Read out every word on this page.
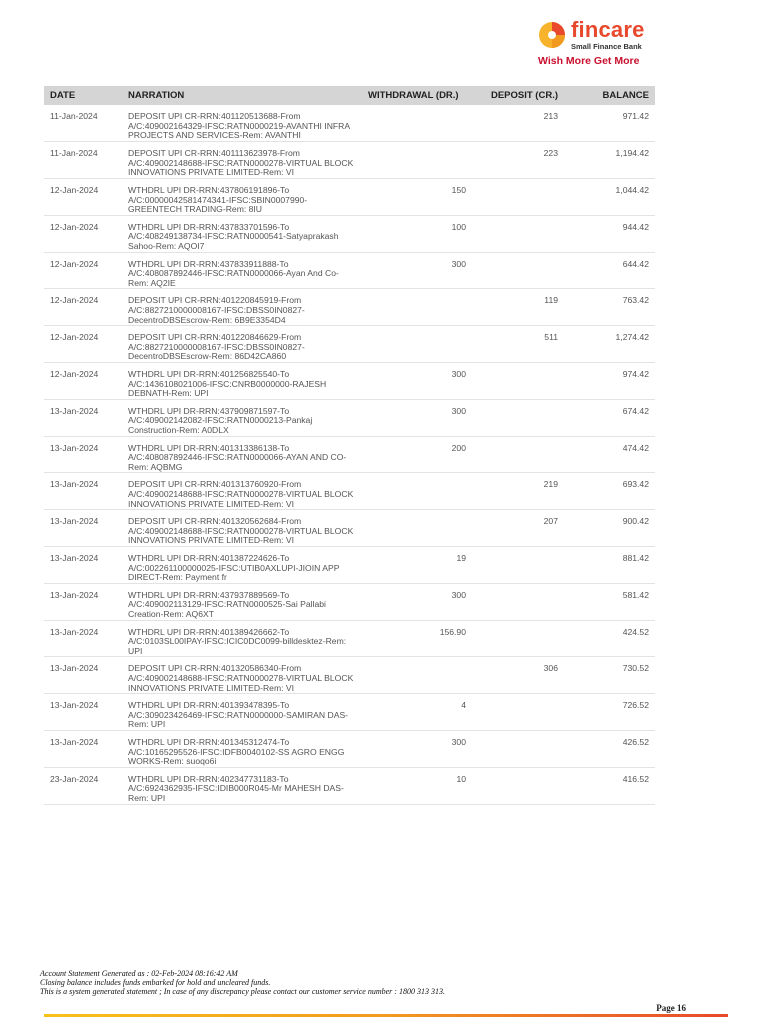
fincare
Small Finance Bank
Wish More Get More
DATE	NARRATION	WITHDRAWAL (DR.)	DEPOSIT (CR.)	BALANCE
11-Jan-2024	DEPOSIT UPI CR-RRN:401120513688-From A/C:409002164329-IFSC:RATN0000219-AVANTHI INFRA PROJECTS AND SERVICES-Rem: AVANTHI		213	971.42
11-Jan-2024	DEPOSIT UPI CR-RRN:401113623978-From A/C:409002148688-IFSC:RATN0000278-VIRTUAL BLOCK INNOVATIONS PRIVATE LIMITED-Rem: VI		223	1,194.42
12-Jan-2024	WTHDRL UPI DR-RRN:437806191896-To A/C:00000042581474341-IFSC:SBIN0007990-GREENTECH TRADING-Rem: 8IU	150		1,044.42
12-Jan-2024	WTHDRL UPI DR-RRN:437833701596-To A/C:408249138734-IFSC:RATN0000541-Satyaprakash Sahoo-Rem: AQOI7	100		944.42
12-Jan-2024	WTHDRL UPI DR-RRN:437833911888-To A/C:408087892446-IFSC:RATN0000066-Ayan And Co-Rem: AQ2IE	300		644.42
12-Jan-2024	DEPOSIT UPI CR-RRN:401220845919-From A/C:8827210000008167-IFSC:DBSS0IN0827-DecentroDBSEscrow-Rem: 6B9E3354D4		119	763.42
12-Jan-2024	DEPOSIT UPI CR-RRN:401220846629-From A/C:8827210000008167-IFSC:DBSS0IN0827-DecentroDBSEscrow-Rem: 86D42CA860		511	1,274.42
12-Jan-2024	WTHDRL UPI DR-RRN:401256825540-To A/C:1436108021006-IFSC:CNRB0000000-RAJESH DEBNATH-Rem: UPI	300		974.42
13-Jan-2024	WTHDRL UPI DR-RRN:437909871597-To A/C:409002142082-IFSC:RATN0000213-Pankaj Construction-Rem: A0DLX	300		674.42
13-Jan-2024	WTHDRL UPI DR-RRN:401313386138-To A/C:408087892446-IFSC:RATN0000066-AYAN AND CO-Rem: AQBMG	200		474.42
13-Jan-2024	DEPOSIT UPI CR-RRN:401313760920-From A/C:409002148688-IFSC:RATN0000278-VIRTUAL BLOCK INNOVATIONS PRIVATE LIMITED-Rem: VI		219	693.42
13-Jan-2024	DEPOSIT UPI CR-RRN:401320562684-From A/C:409002148688-IFSC:RATN0000278-VIRTUAL BLOCK INNOVATIONS PRIVATE LIMITED-Rem: VI		207	900.42
13-Jan-2024	WTHDRL UPI DR-RRN:401387224626-To A/C:002261100000025-IFSC:UTIB0AXLUPI-JIOIN APP DIRECT-Rem: Payment fr	19		881.42
13-Jan-2024	WTHDRL UPI DR-RRN:437937889569-To A/C:409002113129-IFSC:RATN0000525-Sai Pallabi Creation-Rem: AQ6XT	300		581.42
13-Jan-2024	WTHDRL UPI DR-RRN:401389426662-To A/C:0103SL00IPAY-IFSC:ICIC0DC0099-billdesktez-Rem: UPI	156.90		424.52
13-Jan-2024	DEPOSIT UPI CR-RRN:401320586340-From A/C:409002148688-IFSC:RATN0000278-VIRTUAL BLOCK INNOVATIONS PRIVATE LIMITED-Rem: VI		306	730.52
13-Jan-2024	WTHDRL UPI DR-RRN:401393478395-To A/C:309023426469-IFSC:RATN0000000-SAMIRAN DAS-Rem: UPI	4		726.52
13-Jan-2024	WTHDRL UPI DR-RRN:401345312474-To A/C:10165295526-IFSC:IDFB0040102-SS AGRO ENGG WORKS-Rem: suoqo6i	300		426.52
23-Jan-2024	WTHDRL UPI DR-RRN:402347731183-To A/C:6924362935-IFSC:IDIB000R045-Mr MAHESH DAS-Rem: UPI	10		416.52
Account Statement Generated as : 02-Feb-2024 08:16:42 AM
Closing balance includes funds embarked for hold and uncleared funds.
This is a system generated statement ; In case of any discrepancy please contact our customer service number : 1800 313 313.
Page 16
